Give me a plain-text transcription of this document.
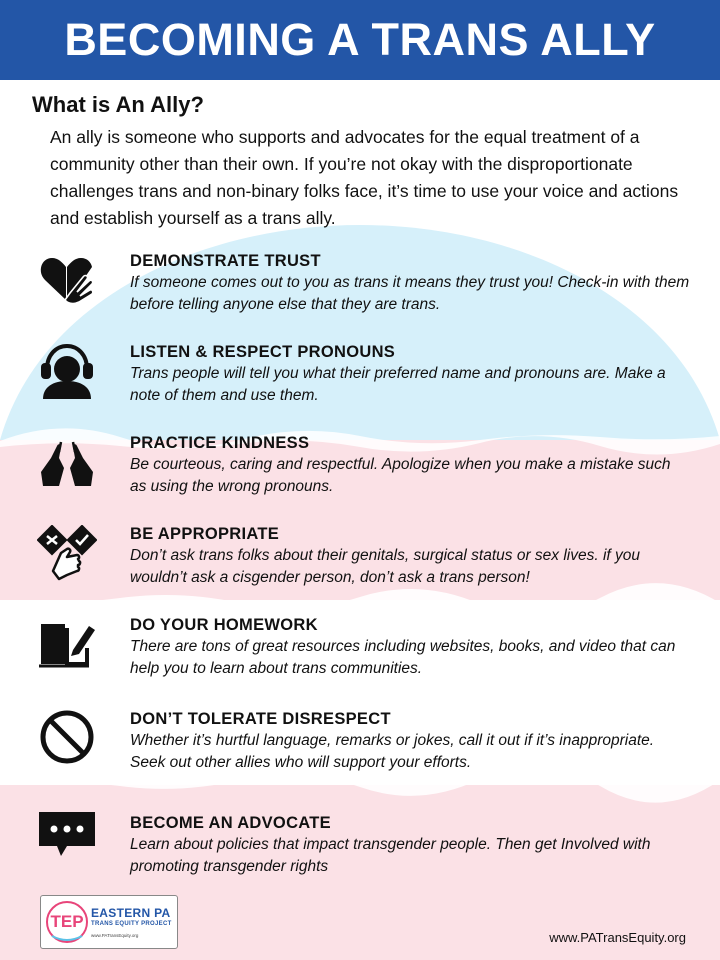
BECOMING A TRANS ALLY
What is An Ally?

An ally is someone who supports and advocates for the equal treatment of a community other than their own. If you’re not okay with the disproportionate challenges trans and non-binary folks face, it’s time to use your voice and actions and establish yourself as a trans ally.

DEMONSTRATE TRUST

If someone comes out to you as trans it means they trust you! Check-in with them before telling anyone else that they are trans.

LISTEN & RESPECT PRONOUNS

Trans people will tell you what their preferred name and pronouns are. Make a note of them and use them.

PRACTICE KINDNESS

Be courteous, caring and respectful. Apologize when you make a mistake such as using the wrong pronouns.

BE APPROPRIATE

Don’t ask trans folks about their genitals, surgical status or sex lives. if you wouldn’t ask a cisgender person, don’t ask a trans person!

DO YOUR HOMEWORK

There are tons of great resources including websites, books, and video that can help you to learn about trans communities.

DON’T TOLERATE DISRESPECT

Whether it’s hurtful language, remarks or jokes, call it out if it’s inappropriate. Seek out other allies who will support your efforts.

BECOME AN ADVOCATE

Learn about policies that impact transgender people. Then get Involved with promoting transgender rights

TEP EASTERN PA
TRANS EQUITY PROJECT
www.PATransEquity.org	www.PATransEquity.org
